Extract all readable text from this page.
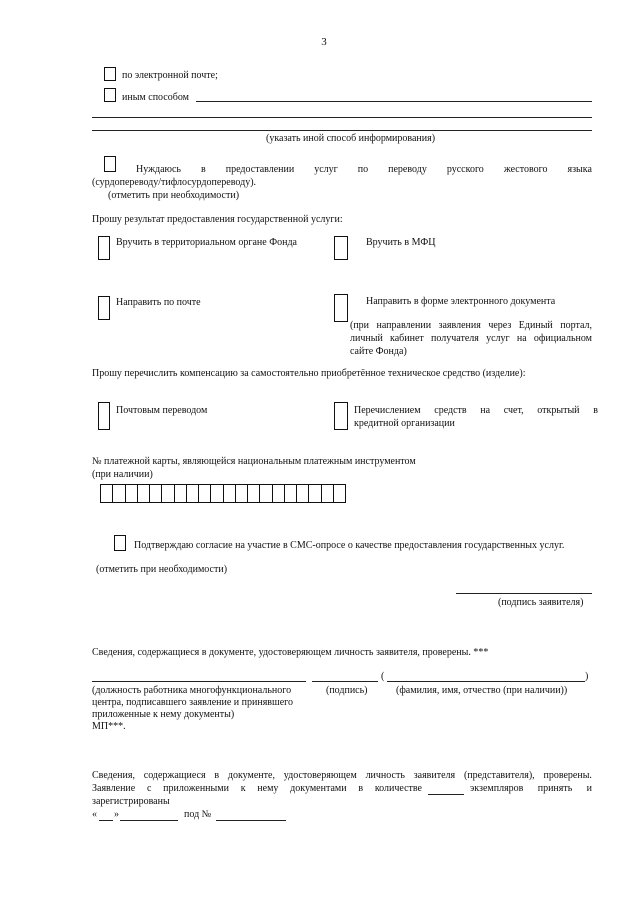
3
по электронной почте;
иным способом
(указать иной способ информирования)
Нуждаюсь в предоставлении услуг по переводу русского жестового языка
(сурдопереводу/тифлосурдопереводу).
(отметить при необходимости)
Прошу результат предоставления государственной услуги:
Вручить в территориальном органе Фонда	Вручить в МФЦ
Направить по почте	Направить в форме электронного документа
(при направлении заявления через Единый портал,
личный кабинет получателя услуг на официальном
сайте Фонда)
Прошу перечислить компенсацию за самостоятельно приобретённое техническое средство (изделие):
Почтовым переводом	Перечислением средств на счет, открытый в
кредитной организации
№ платежной карты, являющейся национальным платежным инструментом
(при наличии)
Подтверждаю согласие на участие в СМС-опросе о качестве предоставления государственных услуг.
(отметить при необходимости)
(подпись заявителя)
Сведения, содержащиеся в документе, удостоверяющем личность заявителя, проверены. ***
(	)
(должность работника многофункционального
центра, подписавшего заявление и принявшего
приложенные к нему документы)
(подпись)	(фамилия, имя, отчество (при наличии))
МП***.
Сведения, содержащиеся в документе, удостоверяющем личность заявителя (представителя), проверены.
Заявление с приложенными к нему документами в количестве	экземпляров принять и
зарегистрированы
« »	под №
